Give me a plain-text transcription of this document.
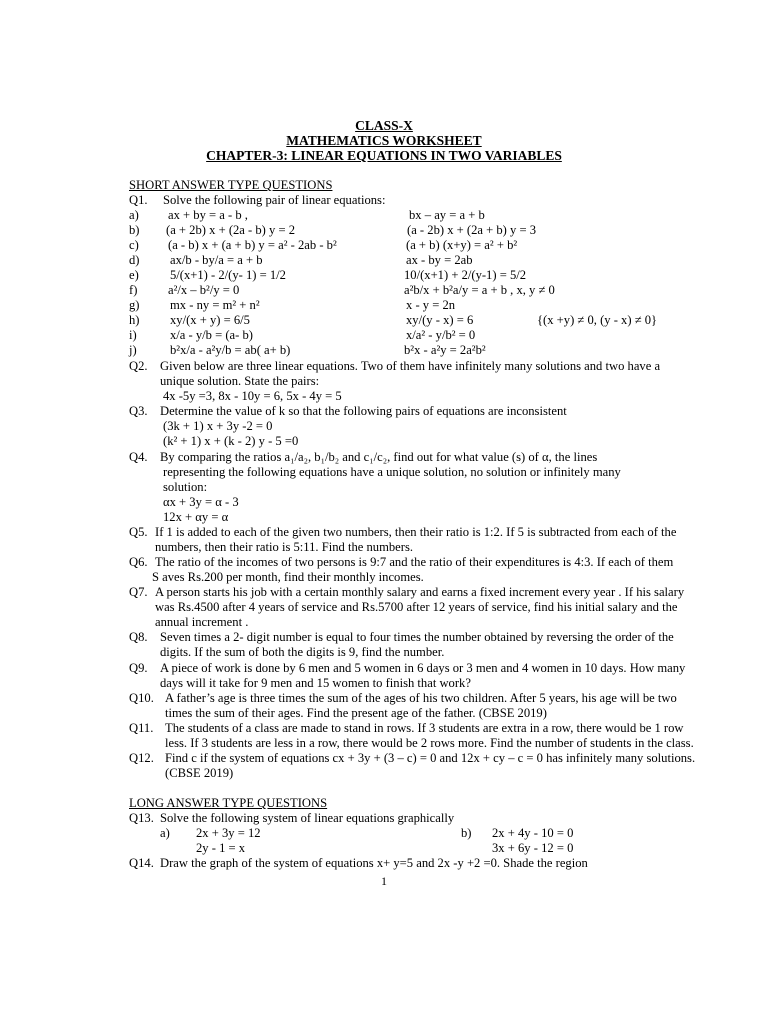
CLASS-X
MATHEMATICS WORKSHEET
CHAPTER-3: LINEAR EQUATIONS IN TWO VARIABLES
SHORT ANSWER TYPE QUESTIONS
Q1. Solve the following pair of linear equations:
a) ax + by = a - b ,	bx – ay = a + b
b) (a + 2b) x + (2a - b) y = 2	(a - 2b) x + (2a + b) y = 3
c) (a - b) x + (a + b) y = a² - 2ab - b²	(a + b) (x+y) = a² + b²
d) ax/b - by/a = a + b	ax - by = 2ab
e) 5/(x+1) - 2/(y- 1) = 1/2	10/(x+1) + 2/(y-1) = 5/2
f) a²/x – b²/y = 0	a²b/x + b²a/y = a + b , x, y ≠ 0
g) mx - ny = m² + n²	x - y = 2n
h) xy/(x + y) = 6/5	xy/(y - x) = 6	{(x +y) ≠ 0, (y - x) ≠ 0}
i)	x/a - y/b = (a- b)	x/a² - y/b² = 0
j)	b²x/a - a²y/b = ab( a+ b)	b²x - a²y = 2a²b²
Q2. Given below are three linear equations. Two of them have infinitely many solutions and two have a
unique solution. State the pairs:
4x -5y =3, 8x - 10y = 6, 5x - 4y = 5
Q3. Determine the value of k so that the following pairs of equations are inconsistent
(3k + 1) x + 3y -2 = 0
(k² + 1) x + (k - 2) y - 5 =0
Q4. By comparing the ratios a₁/a₂, b₁/b₂ and c₁/c₂, find out for what value (s) of α, the lines
representing the following equations have a unique solution, no solution or infinitely many
solution:
αx + 3y = α - 3
12x + αy = α
Q5. If 1 is added to each of the given two numbers, then their ratio is 1:2. If 5 is subtracted from each of the
numbers, then their ratio is 5:11. Find the numbers.
Q6. The ratio of the incomes of two persons is 9:7 and the ratio of their expenditures is 4:3. If each of them
S aves Rs.200 per month, find their monthly incomes.
Q7. A person starts his job with a certain monthly salary and earns a fixed increment every year . If his salary
was Rs.4500 after 4 years of service and Rs.5700 after 12 years of service, find his initial salary and the
annual increment .
Q8. Seven times a 2- digit number is equal to four times the number obtained by reversing the order of the
digits. If the sum of both the digits is 9, find the number.
Q9. A piece of work is done by 6 men and 5 women in 6 days or 3 men and 4 women in 10 days. How many
days will it take for 9 men and 15 women to finish that work?
Q10. A father’s age is three times the sum of the ages of his two children. After 5 years, his age will be two
times the sum of their ages. Find the present age of the father. (CBSE 2019)
Q11. The students of a class are made to stand in rows. If 3 students are extra in a row, there would be 1 row
less. If 3 students are less in a row, there would be 2 rows more. Find the number of students in the class.
Q12. Find c if the system of equations cx + 3y + (3 – c) = 0 and 12x + cy – c = 0 has infinitely many solutions.
(CBSE 2019)
LONG ANSWER TYPE QUESTIONS
Q13. Solve the following system of linear equations graphically
a) 2x + 3y = 12
2y - 1 = x
b) 2x + 4y - 10 = 0
3x + 6y - 12 = 0
Q14. Draw the graph of the system of equations x+ y=5 and 2x -y +2 =0. Shade the region
1
